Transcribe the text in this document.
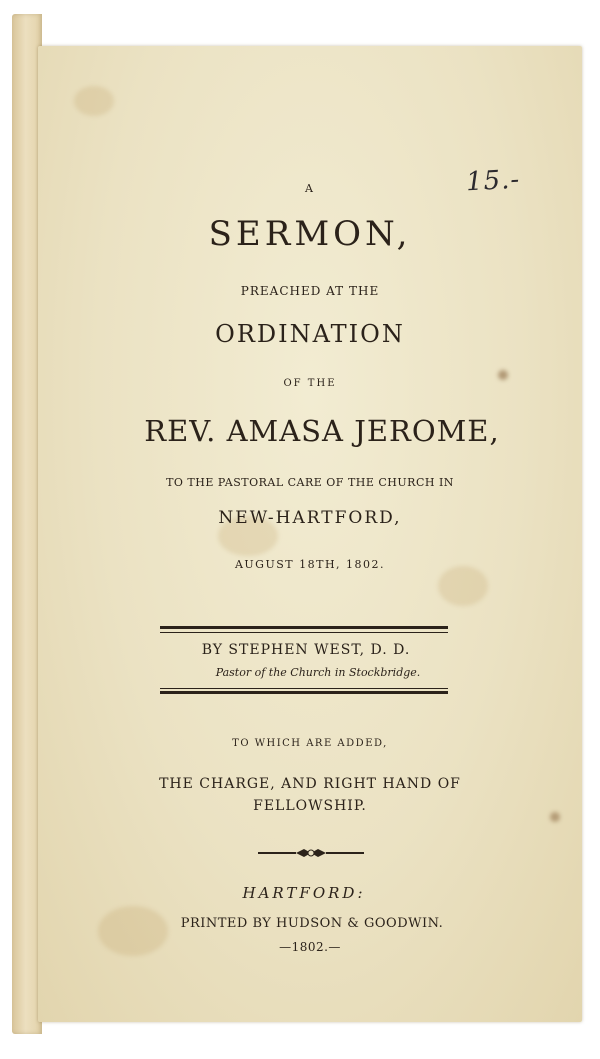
15.-

A

SERMON,

PREACHED AT THE

ORDINATION

OF THE

REV. AMASA JEROME,

TO THE PASTORAL CARE OF THE CHURCH IN

NEW-HARTFORD,

AUGUST 18TH, 1802.

BY STEPHEN WEST, D. D.

Pastor of the Church in Stockbridge.

TO WHICH ARE ADDED,

THE CHARGE, AND RIGHT HAND OF

FELLOWSHIP.

HARTFORD:

PRINTED BY HUDSON & GOODWIN.

—1802.—
